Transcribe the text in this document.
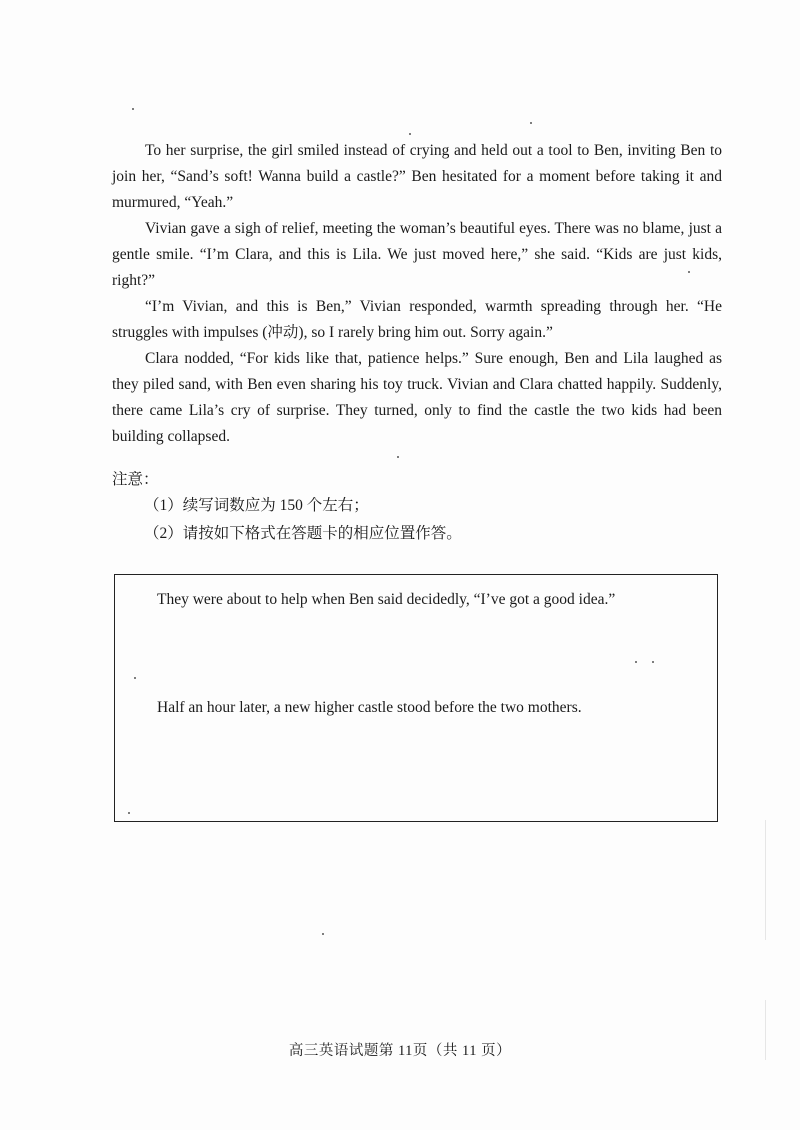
To her surprise, the girl smiled instead of crying and held out a tool to Ben, inviting Ben to join her, “Sand’s soft! Wanna build a castle?” Ben hesitated for a moment before taking it and murmured, “Yeah.”

Vivian gave a sigh of relief, meeting the woman’s beautiful eyes. There was no blame, just a gentle smile. “I’m Clara, and this is Lila. We just moved here,” she said. “Kids are just kids, right?”

“I’m Vivian, and this is Ben,” Vivian responded, warmth spreading through her. “He struggles with impulses (冲动), so I rarely bring him out. Sorry again.”

Clara nodded, “For kids like that, patience helps.” Sure enough, Ben and Lila laughed as they piled sand, with Ben even sharing his toy truck. Vivian and Clara chatted happily. Suddenly, there came Lila’s cry of surprise. They turned, only to find the castle the two kids had been building collapsed.

注意：
（1）续写词数应为 150 个左右；
（2）请按如下格式在答题卡的相应位置作答。
They were about to help when Ben said decidedly, “I’ve got a good idea.”
Half an hour later, a new higher castle stood before the two mothers.
高三英语试题第 11页（共 11 页）
